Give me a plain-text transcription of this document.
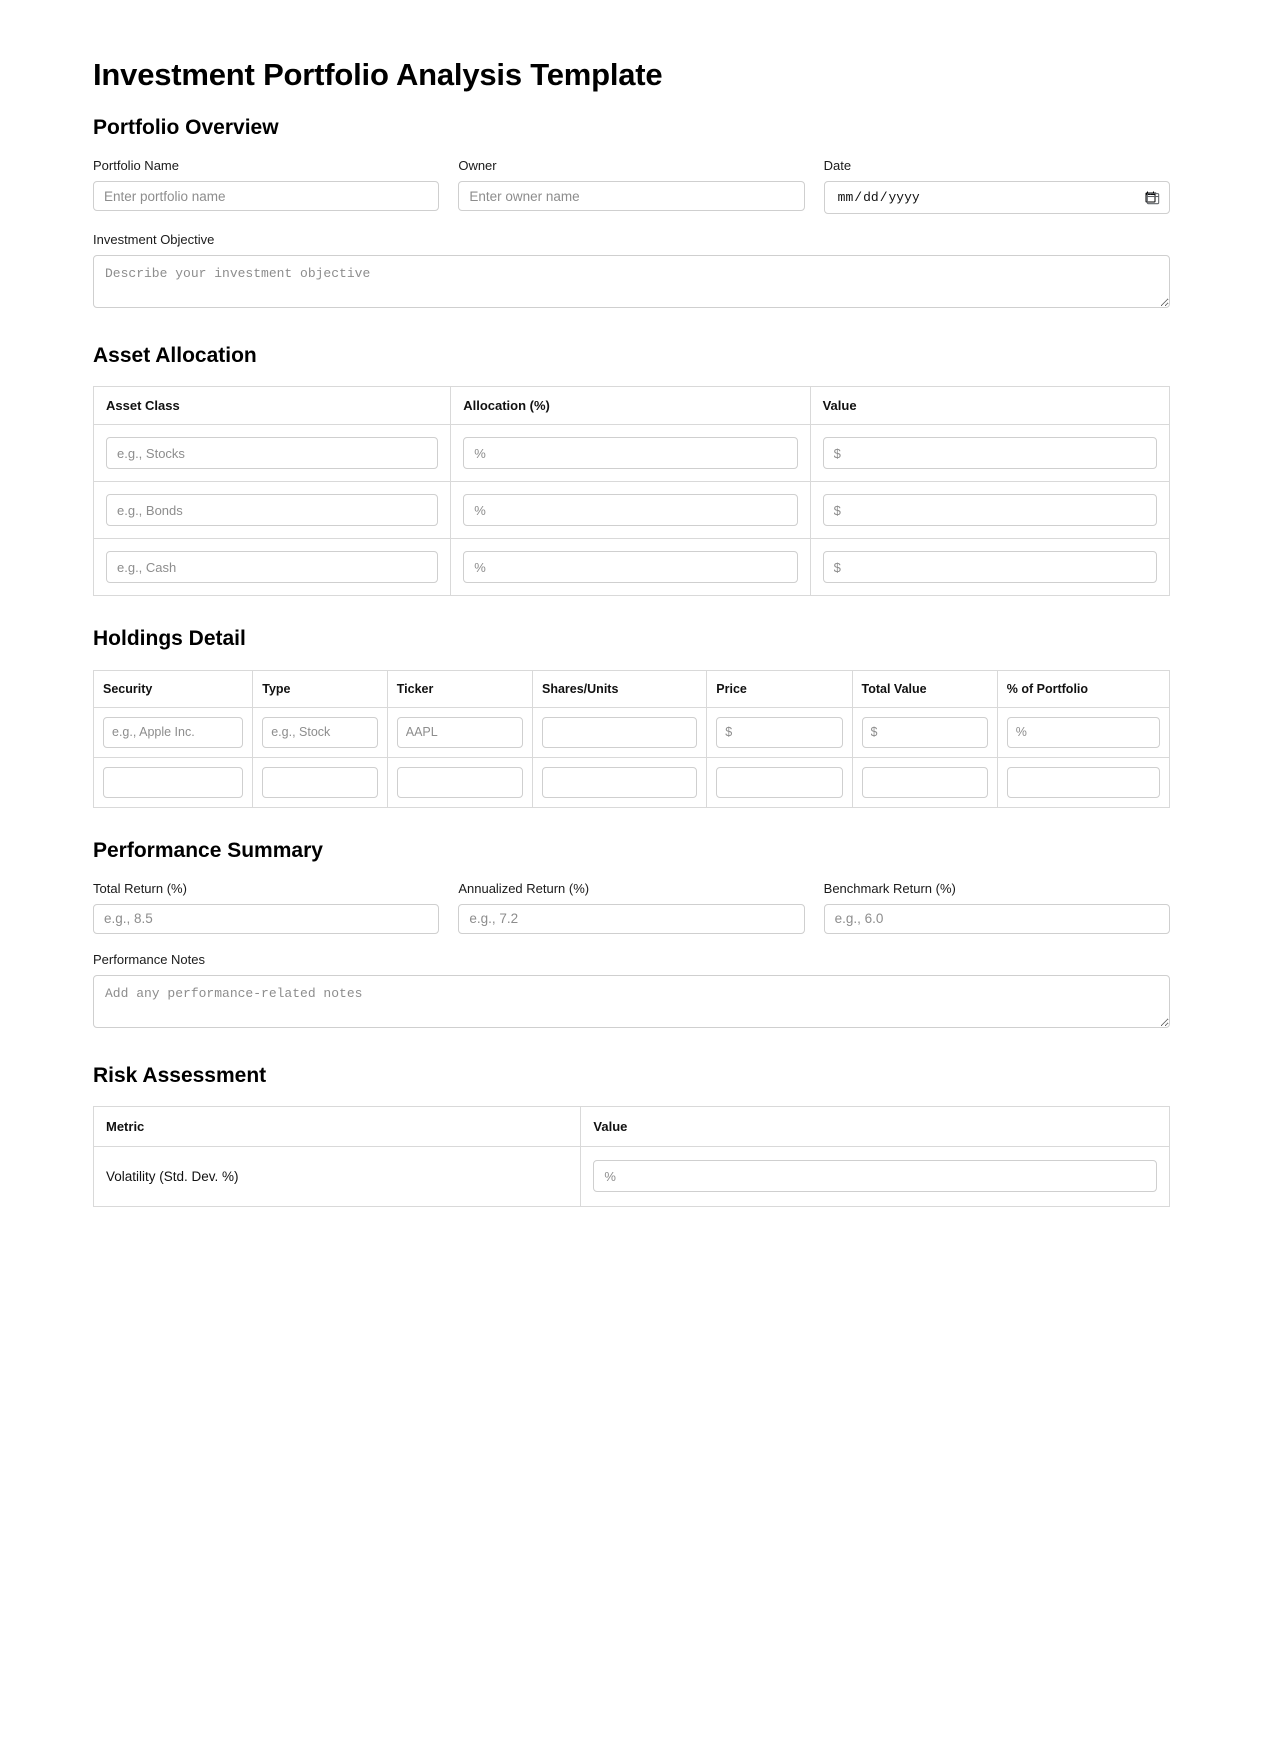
Investment Portfolio Analysis Template
Portfolio Overview
Portfolio Name
Enter portfolio name	Owner
Enter owner name	Date
Investment Objective
Describe your investment objective
Asset Allocation
Asset Class	Allocation (%)	Value
e.g., Stocks	%	$
e.g., Bonds	%	$
e.g., Cash	%	$
Holdings Detail
Security	Type	Ticker	Shares/Units	Price	Total Value	% of Portfolio
e.g., Apple Inc.	e.g., Stock	AAPL		$	$	%

Performance Summary
Total Return (%)
e.g., 8.5	Annualized Return (%)
e.g., 7.2	Benchmark Return (%)
e.g., 6.0
Performance Notes
Add any performance-related notes
Risk Assessment
Metric	Value
Volatility (Std. Dev. %)	%
